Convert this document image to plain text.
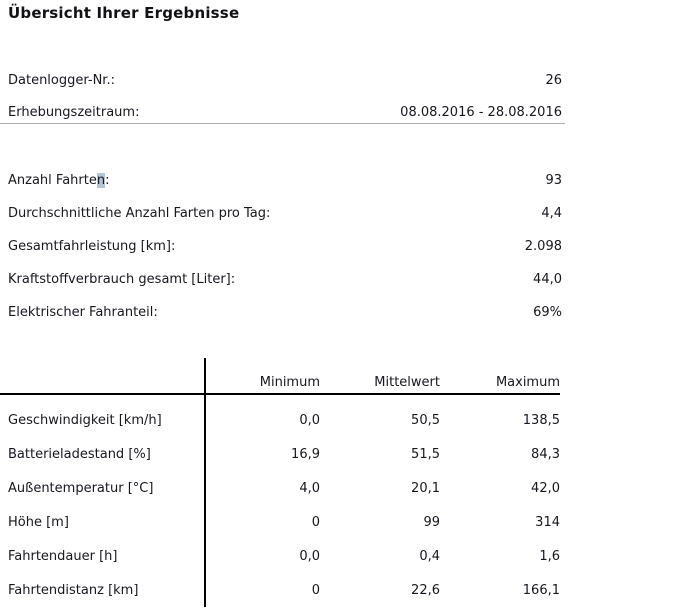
Übersicht Ihrer Ergebnisse
Datenlogger-Nr.:	26
Erhebungszeitraum:	08.08.2016 - 28.08.2016
Anzahl Fahrten:	93
Durchschnittliche Anzahl Farten pro Tag:	4,4
Gesamtfahrleistung [km]:	2.098
Kraftstoffverbrauch gesamt [Liter]:	44,0
Elektrischer Fahranteil:	69%
	Minimum	Mittelwert	Maximum
Geschwindigkeit [km/h]	0,0	50,5	138,5
Batterieladestand [%]	16,9	51,5	84,3
Außentemperatur [°C]	4,0	20,1	42,0
Höhe [m]	0	99	314
Fahrtendauer [h]	0,0	0,4	1,6
Fahrtendistanz [km]	0	22,6	166,1
